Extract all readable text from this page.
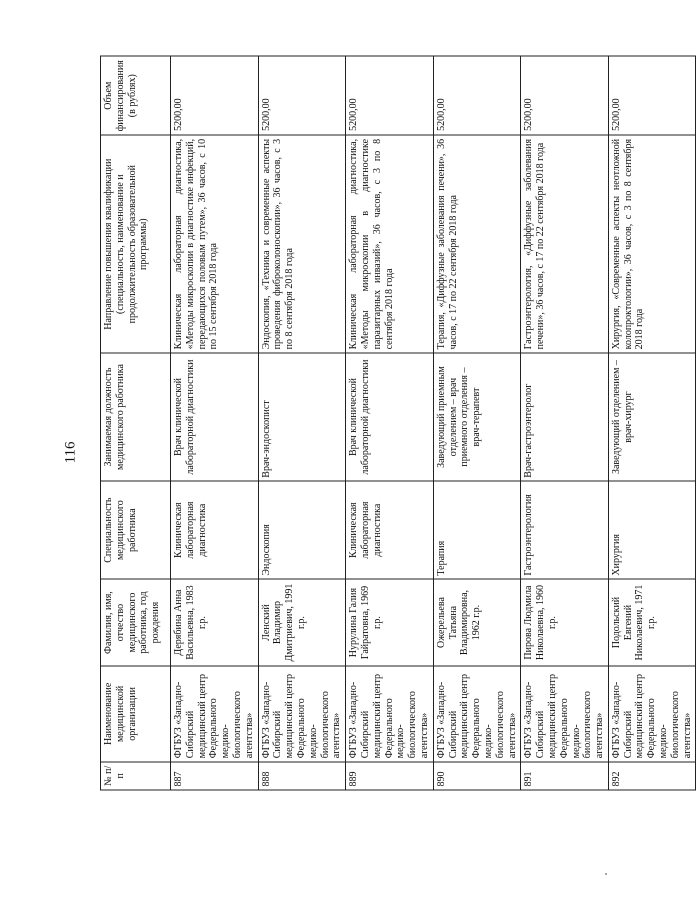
116
№ п/п	Наименование медицинской организации	Фамилия, имя, отчество медицинского работника, год рождения	Специальность медицинского работника	Занимаемая должность медицинского работника	Направление повышения квалификации (специальность, наименование и продолжительность образовательной программы)	Объем финансирования (в рублях)
887	ФГБУЗ «Западно-Сибирский медицинский центр Федерального медико-биологического агентства»	Дерябина Анна Васильевна, 1983 г.р.	Клиническая лабораторная диагностика	Врач клинической лабораторной диагностики	Клиническая лабораторная диагностика, «Методы микроскопии в диагностике инфекций, передающихся половым путем», 36 часов, с 10 по 15 сентября 2018 года	5200,00
888	ФГБУЗ «Западно-Сибирский медицинский центр Федерального медико-биологического агентства»	Ленский Владимир Дмитриевич, 1991 г.р.	Эндоскопия	Врач-эндоскопист	Эндоскопия, «Техника и современные аспекты проведения фиброколоноскопии», 36 часов, с 3 по 8 сентября 2018 года	5200,00
889	ФГБУЗ «Западно-Сибирский медицинский центр Федерального медико-биологического агентства»	Нурулина Галия Гайратовна, 1969 г.р.	Клиническая лабораторная диагностика	Врач клинической лабораторной диагностики	Клиническая лабораторная диагностика, «Методы микроскопии в диагностике паразитарных инвазий», 36 часов, с 3 по 8 сентября 2018 года	5200,00
890	ФГБУЗ «Западно-Сибирский медицинский центр Федерального медико-биологического агентства»	Ожерельева Татьяна Владимировна, 1962 г.р.	Терапия	Заведующий приемным отделением – врач приемного отделения – врач-терапевт	Терапия, «Диффузные заболевания печени», 36 часов, с 17 по 22 сентября 2018 года	5200,00
891	ФГБУЗ «Западно-Сибирский медицинский центр Федерального медико-биологического агентства»	Пирова Людмила Николаевна, 1960 г.р.	Гастроэнтерология	Врач-гастроэнтеролог	Гастроэнтерология, «Диффузные заболевания печени», 36 часов, с 17 по 22 сентября 2018 года	5200,00
892	ФГБУЗ «Западно-Сибирский медицинский центр Федерального медико-биологического агентства»	Подольский Евгений Николаевич, 1971 г.р.	Хирургия	Заведующий отделением – врач-хирург	Хирургия, «Современные аспекты неотложной колопроктологии», 36 часов, с 3 по 8 сентября 2018 года	5200,00
